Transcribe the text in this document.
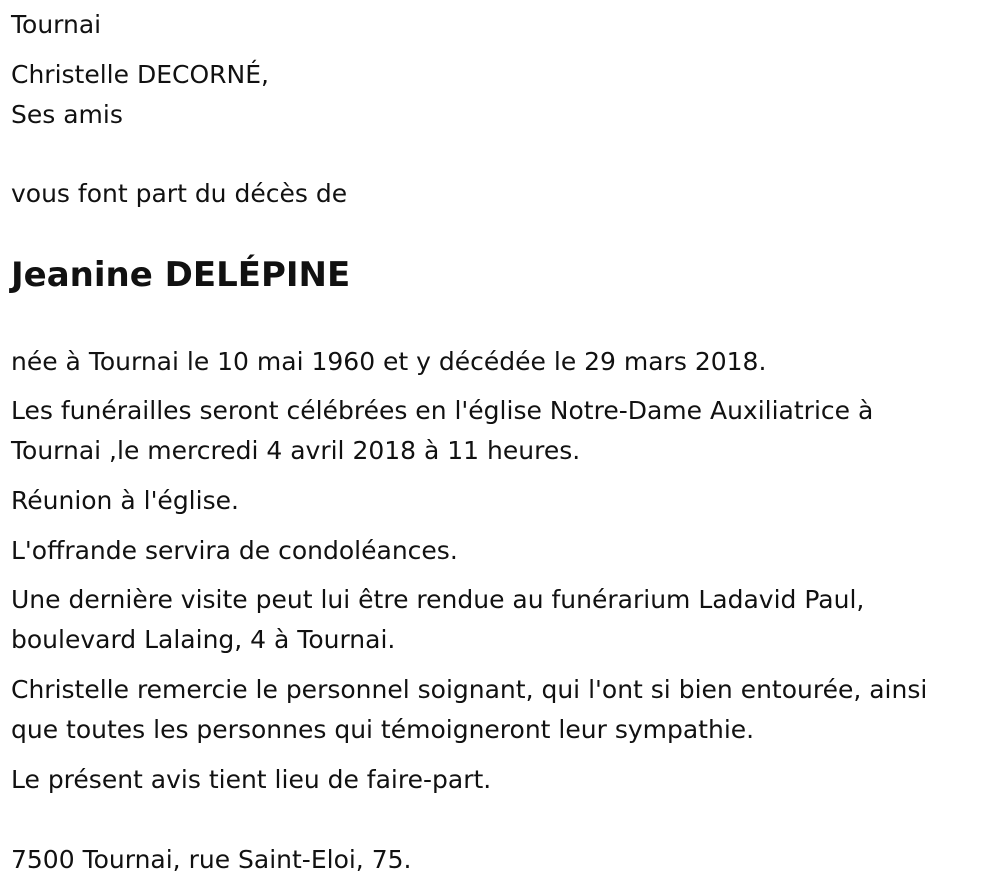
Tournai
Christelle DECORNÉ,
Ses amis
vous font part du décès de
Jeanine DELÉPINE
née à Tournai le 10 mai 1960 et y décédée le 29 mars 2018.
Les funérailles seront célébrées en l'église Notre-Dame Auxiliatrice à
Tournai ,le mercredi 4 avril 2018 à 11 heures.
Réunion à l'église.
L'offrande servira de condoléances.
Une dernière visite peut lui être rendue au funérarium Ladavid Paul,
boulevard Lalaing, 4 à Tournai.
Christelle remercie le personnel soignant, qui l'ont si bien entourée, ainsi
que toutes les personnes qui témoigneront leur sympathie.
Le présent avis tient lieu de faire-part.
7500 Tournai, rue Saint-Eloi, 75.
